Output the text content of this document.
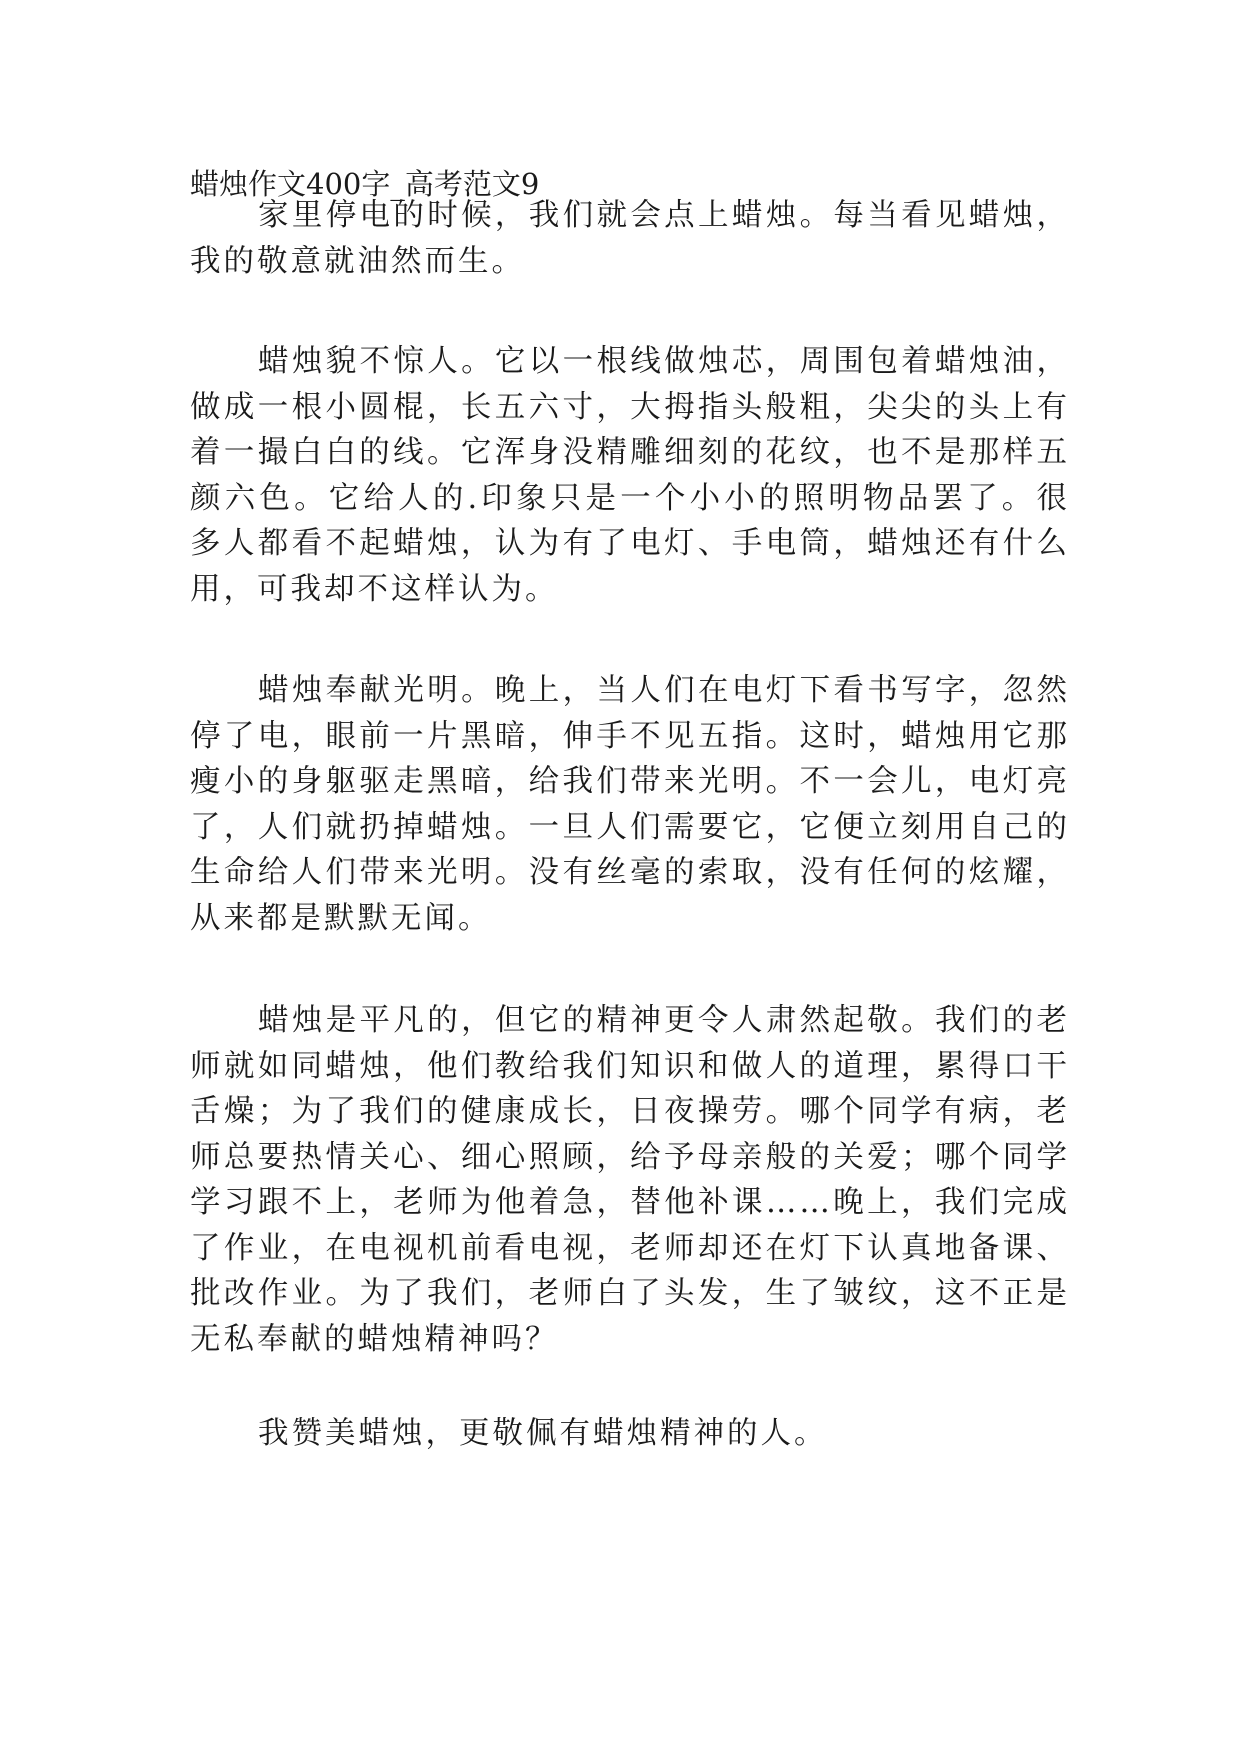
蜡烛作文400字_高考范文9

家里停电的时候，我们就会点上蜡烛。每当看见蜡烛，我的敬意就油然而生。

蜡烛貌不惊人。它以一根线做烛芯，周围包着蜡烛油，做成一根小圆棍，长五六寸，大拇指头般粗，尖尖的头上有着一撮白白的线。它浑身没精雕细刻的花纹，也不是那样五颜六色。它给人的.印象只是一个小小的照明物品罢了。很多人都看不起蜡烛，认为有了电灯、手电筒，蜡烛还有什么用，可我却不这样认为。

蜡烛奉献光明。晚上，当人们在电灯下看书写字，忽然停了电，眼前一片黑暗，伸手不见五指。这时，蜡烛用它那瘦小的身躯驱走黑暗，给我们带来光明。不一会儿，电灯亮了，人们就扔掉蜡烛。一旦人们需要它，它便立刻用自己的生命给人们带来光明。没有丝毫的索取，没有任何的炫耀，从来都是默默无闻。

蜡烛是平凡的，但它的精神更令人肃然起敬。我们的老师就如同蜡烛，他们教给我们知识和做人的道理，累得口干舌燥；为了我们的健康成长，日夜操劳。哪个同学有病，老师总要热情关心、细心照顾，给予母亲般的关爱；哪个同学学习跟不上，老师为他着急，替他补课……晚上，我们完成了作业，在电视机前看电视，老师却还在灯下认真地备课、批改作业。为了我们，老师白了头发，生了皱纹，这不正是无私奉献的蜡烛精神吗？

我赞美蜡烛，更敬佩有蜡烛精神的人。
